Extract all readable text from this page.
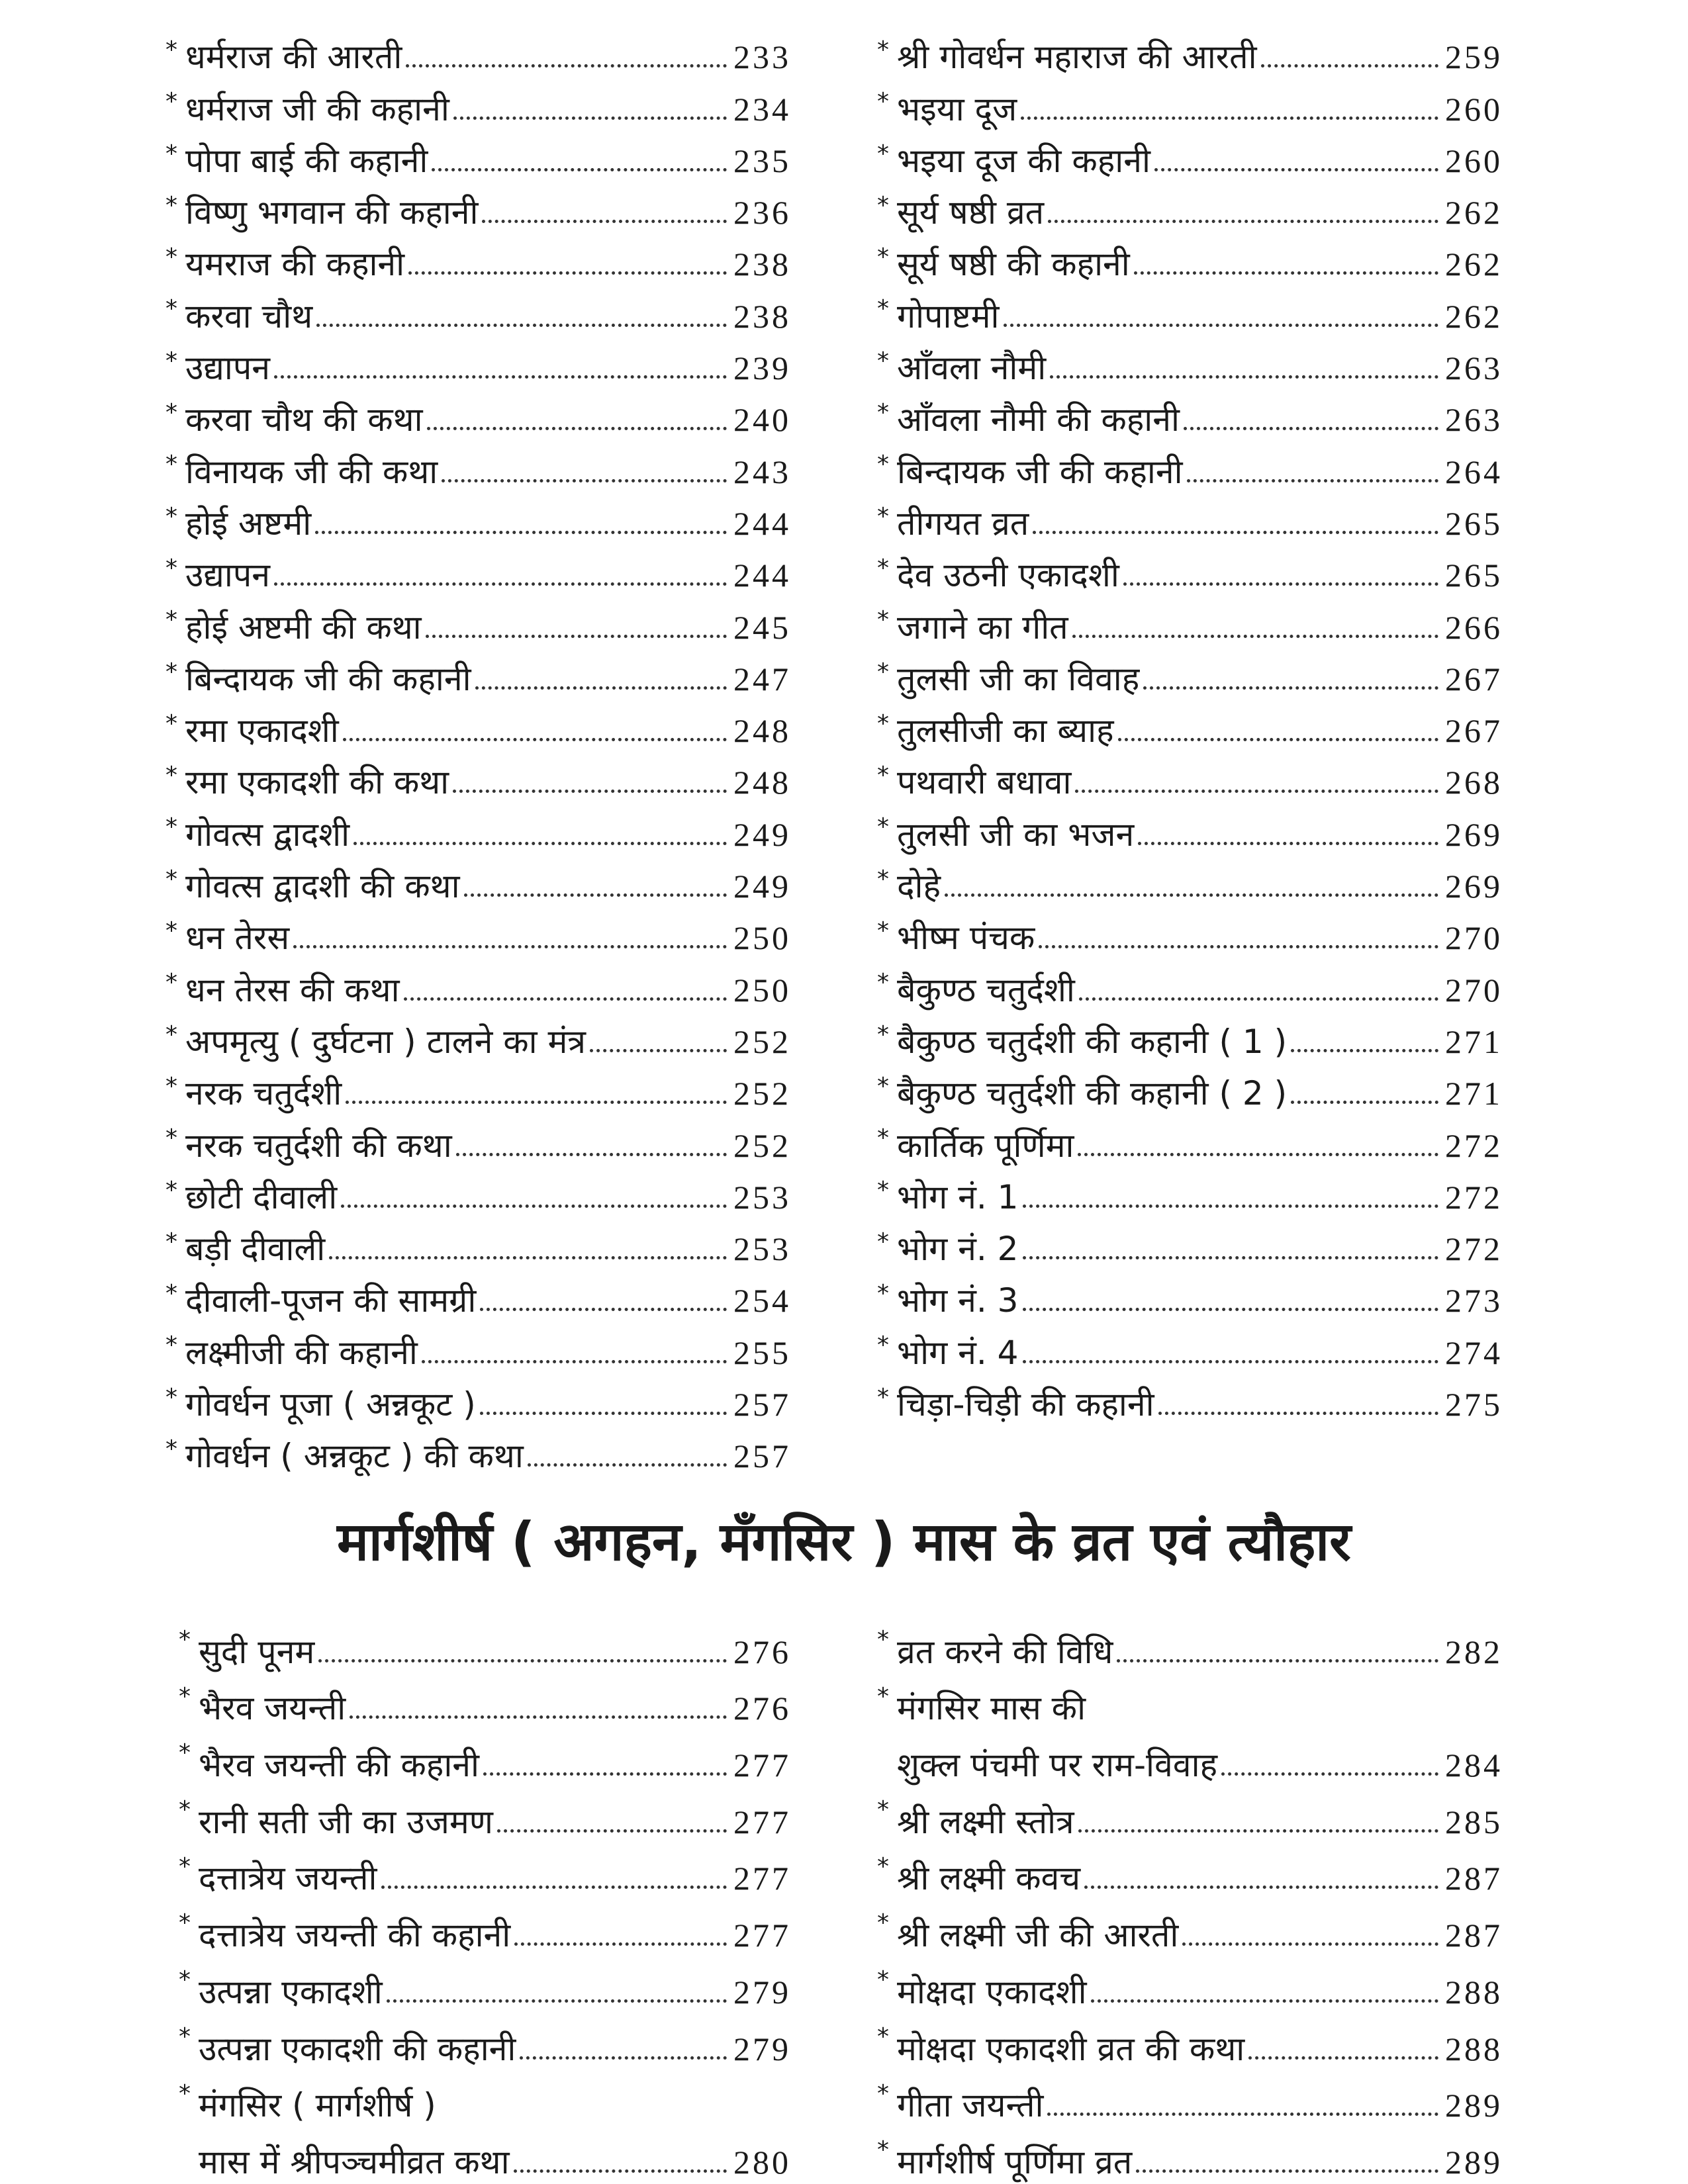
* धर्मराज की आरती	233
* धर्मराज जी की कहानी	234
* पोपा बाई की कहानी	235
* विष्णु भगवान की कहानी	236
* यमराज की कहानी	238
* करवा चौथ	238
* उद्यापन	239
* करवा चौथ की कथा	240
* विनायक जी की कथा	243
* होई अष्टमी	244
* उद्यापन	244
* होई अष्टमी की कथा	245
* बिन्दायक जी की कहानी	247
* रमा एकादशी	248
* रमा एकादशी की कथा	248
* गोवत्स द्वादशी	249
* गोवत्स द्वादशी की कथा	249
* धन तेरस	250
* धन तेरस की कथा	250
* अपमृत्यु ( दुर्घटना ) टालने का मंत्र	252
* नरक चतुर्दशी	252
* नरक चतुर्दशी की कथा	252
* छोटी दीवाली	253
* बड़ी दीवाली	253
* दीवाली-पूजन की सामग्री	254
* लक्ष्मीजी की कहानी	255
* गोवर्धन पूजा ( अन्नकूट )	257
* गोवर्धन ( अन्नकूट ) की कथा	257
* श्री गोवर्धन महाराज की आरती	259
* भइया दूज	260
* भइया दूज की कहानी	260
* सूर्य षष्ठी व्रत	262
* सूर्य षष्ठी की कहानी	262
* गोपाष्टमी	262
* आँवला नौमी	263
* आँवला नौमी की कहानी	263
* बिन्दायक जी की कहानी	264
* तीगयत व्रत	265
* देव उठनी एकादशी	265
* जगाने का गीत	266
* तुलसी जी का विवाह	267
* तुलसीजी का ब्याह	267
* पथवारी बधावा	268
* तुलसी जी का भजन	269
* दोहे	269
* भीष्म पंचक	270
* बैकुण्ठ चतुर्दशी	270
* बैकुण्ठ चतुर्दशी की कहानी ( 1 )	271
* बैकुण्ठ चतुर्दशी की कहानी ( 2 )	271
* कार्तिक पूर्णिमा	272
* भोग नं. 1	272
* भोग नं. 2	272
* भोग नं. 3	273
* भोग नं. 4	274
* चिड़ा-चिड़ी की कहानी	275
मार्गशीर्ष ( अगहन, मँगसिर ) मास के व्रत एवं त्यौहार
* सुदी पूनम	276
* भैरव जयन्ती	276
* भैरव जयन्ती की कहानी	277
* रानी सती जी का उजमण	277
* दत्तात्रेय जयन्ती	277
* दत्तात्रेय जयन्ती की कहानी	277
* उत्पन्ना एकादशी	279
* उत्पन्ना एकादशी की कहानी	279
* मंगसिर ( मार्गशीर्ष )
मास में श्रीपञ्चमीव्रत कथा	280
* व्रत करने की विधि	282
* मंगसिर मास की
शुक्ल पंचमी पर राम-विवाह	284
* श्री लक्ष्मी स्तोत्र	285
* श्री लक्ष्मी कवच	287
* श्री लक्ष्मी जी की आरती	287
* मोक्षदा एकादशी	288
* मोक्षदा एकादशी व्रत की कथा	288
* गीता जयन्ती	289
* मार्गशीर्ष पूर्णिमा व्रत	289
